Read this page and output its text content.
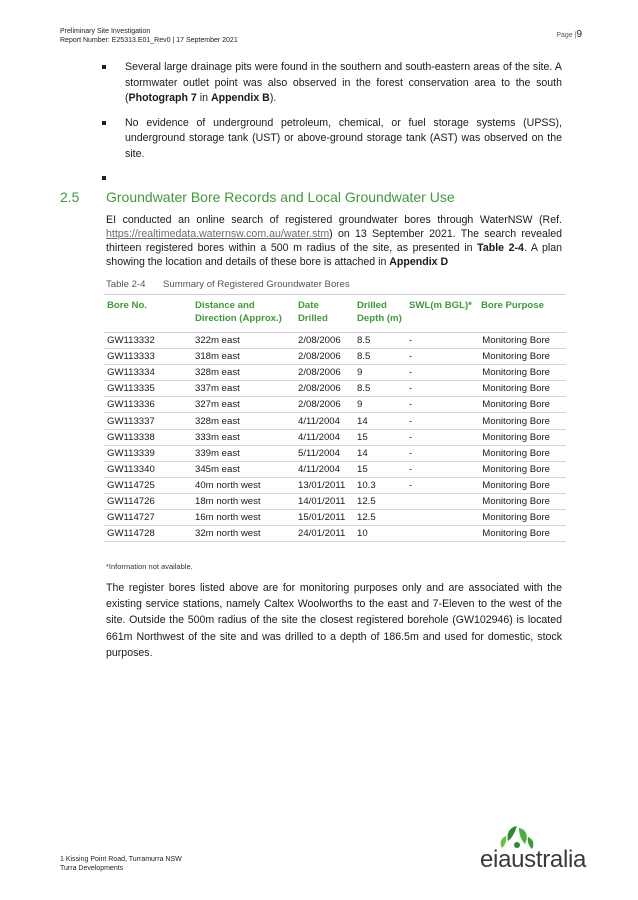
Preliminary Site Investigation
Report Number: E25313.E01_Rev0 | 17 September 2021
Page |9
Several large drainage pits were found in the southern and south-eastern areas of the site. A stormwater outlet point was also observed in the forest conservation area to the south (Photograph 7 in Appendix B).
No evidence of underground petroleum, chemical, or fuel storage systems (UPSS), underground storage tank (UST) or above-ground storage tank (AST) was observed on the site.
2.5 Groundwater Bore Records and Local Groundwater Use
EI conducted an online search of registered groundwater bores through WaterNSW (Ref. https://realtimedata.waternsw.com.au/water.stm) on 13 September 2021. The search revealed thirteen registered bores within a 500 m radius of the site, as presented in Table 2-4. A plan showing the location and details of these bore is attached in Appendix D
Table 2-4 Summary of Registered Groundwater Bores
Bore No.	Distance and Direction (Approx.)	Date Drilled	Drilled Depth (m)	SWL(m BGL)*	Bore Purpose
GW113332	322m east	2/08/2006	8.5	-	Monitoring Bore
GW113333	318m east	2/08/2006	8.5	-	Monitoring Bore
GW113334	328m east	2/08/2006	9	-	Monitoring Bore
GW113335	337m east	2/08/2006	8.5	-	Monitoring Bore
GW113336	327m east	2/08/2006	9	-	Monitoring Bore
GW113337	328m east	4/11/2004	14	-	Monitoring Bore
GW113338	333m east	4/11/2004	15	-	Monitoring Bore
GW113339	339m east	5/11/2004	14	-	Monitoring Bore
GW113340	345m east	4/11/2004	15	-	Monitoring Bore
GW114725	40m north west	13/01/2011	10.3	-	Monitoring Bore
GW114726	18m north west	14/01/2011	12.5		Monitoring Bore
GW114727	16m north west	15/01/2011	12.5		Monitoring Bore
GW114728	32m north west	24/01/2011	10		Monitoring Bore
*Information not available.
The register bores listed above are for monitoring purposes only and are associated with the existing service stations, namely Caltex Woolworths to the east and 7-Eleven to the west of the site. Outside the 500m radius of the site the closest registered borehole (GW102946) is located 661m Northwest of the site and was drilled to a depth of 186.5m and used for domestic, stock purposes.
1 Kissing Point Road, Turramurra NSW
Turra Developments	eiaustralia
